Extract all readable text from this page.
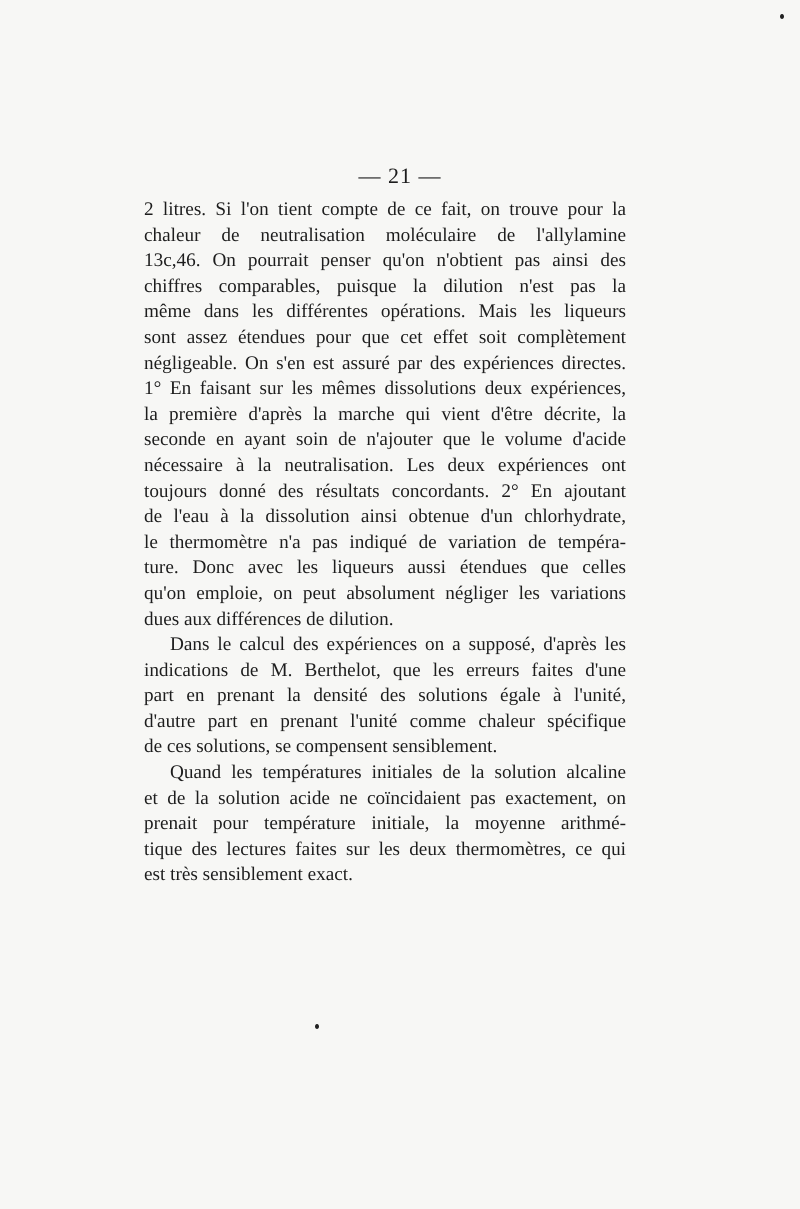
— 21 —
2 litres. Si l'on tient compte de ce fait, on trouve pour la
chaleur de neutralisation moléculaire de l'allylamine
13c,46. On pourrait penser qu'on n'obtient pas ainsi des
chiffres comparables, puisque la dilution n'est pas la
même dans les différentes opérations. Mais les liqueurs
sont assez étendues pour que cet effet soit complètement
négligeable. On s'en est assuré par des expériences directes.
1° En faisant sur les mêmes dissolutions deux expériences,
la première d'après la marche qui vient d'être décrite, la
seconde en ayant soin de n'ajouter que le volume d'acide
nécessaire à la neutralisation. Les deux expériences ont
toujours donné des résultats concordants. 2° En ajoutant
de l'eau à la dissolution ainsi obtenue d'un chlorhydrate,
le thermomètre n'a pas indiqué de variation de tempéra-
ture. Donc avec les liqueurs aussi étendues que celles
qu'on emploie, on peut absolument négliger les variations
dues aux différences de dilution.
Dans le calcul des expériences on a supposé, d'après les
indications de M. Berthelot, que les erreurs faites d'une
part en prenant la densité des solutions égale à l'unité,
d'autre part en prenant l'unité comme chaleur spécifique
de ces solutions, se compensent sensiblement.
Quand les températures initiales de la solution alcaline
et de la solution acide ne coïncidaient pas exactement, on
prenait pour température initiale, la moyenne arithmé-
tique des lectures faites sur les deux thermomètres, ce qui
est très sensiblement exact.
